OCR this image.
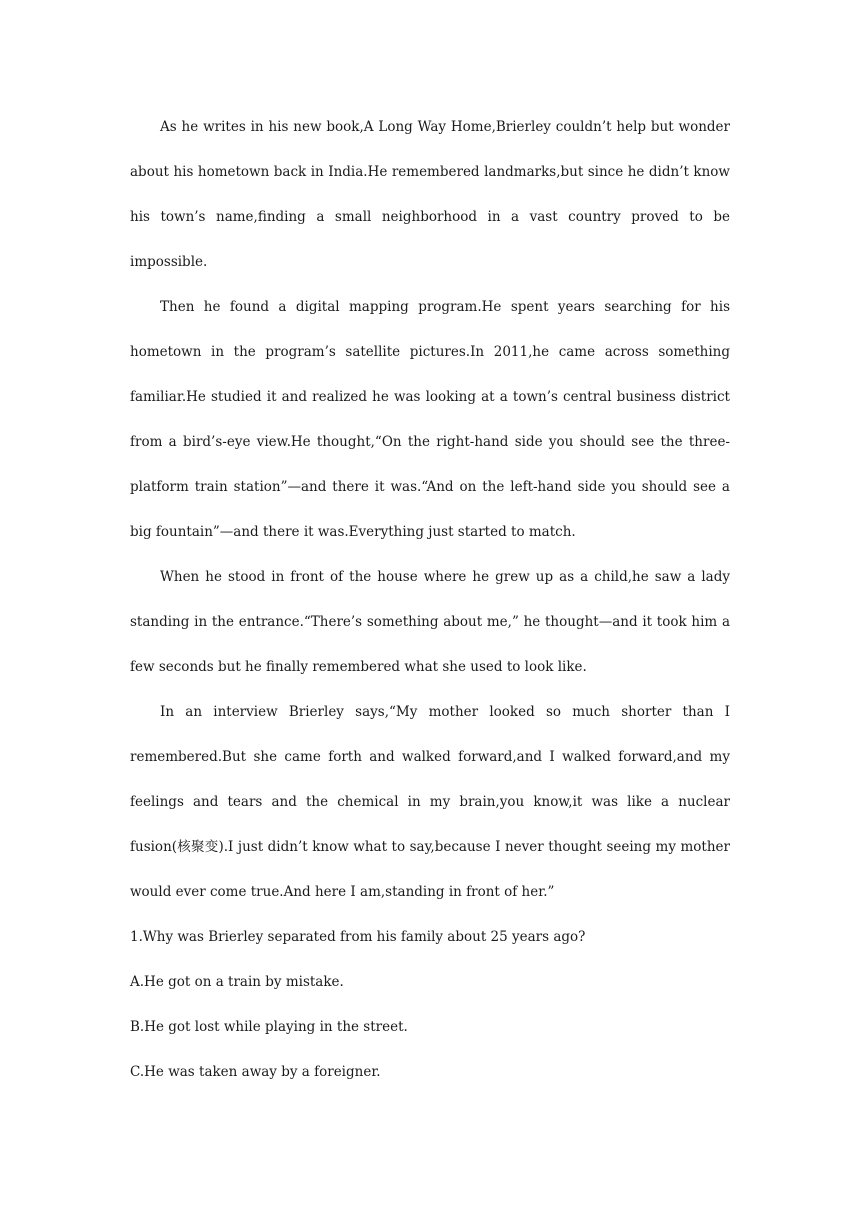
As he writes in his new book,A Long Way Home,Brierley couldn’t help but wonder about his hometown back in India.He remembered landmarks,but since he didn’t know his town’s name,finding a small neighborhood in a vast country proved to be impossible.

Then he found a digital mapping program.He spent years searching for his hometown in the program’s satellite pictures.In 2011,he came across something familiar.He studied it and realized he was looking at a town’s central business district from a bird’s-eye view.He thought,“On the right-hand side you should see the three-platform train station”—and there it was.“And on the left-hand side you should see a big fountain”—and there it was.Everything just started to match.

When he stood in front of the house where he grew up as a child,he saw a lady standing in the entrance.“There’s something about me,” he thought—and it took him a few seconds but he finally remembered what she used to look like.

In an interview Brierley says,“My mother looked so much shorter than I remembered.But she came forth and walked forward,and I walked forward,and my feelings and tears and the chemical in my brain,you know,it was like a nuclear fusion(核聚变).I just didn’t know what to say,because I never thought seeing my mother would ever come true.And here I am,standing in front of her.”

1.Why was Brierley separated from his family about 25 years ago?

A.He got on a train by mistake.

B.He got lost while playing in the street.

C.He was taken away by a foreigner.
